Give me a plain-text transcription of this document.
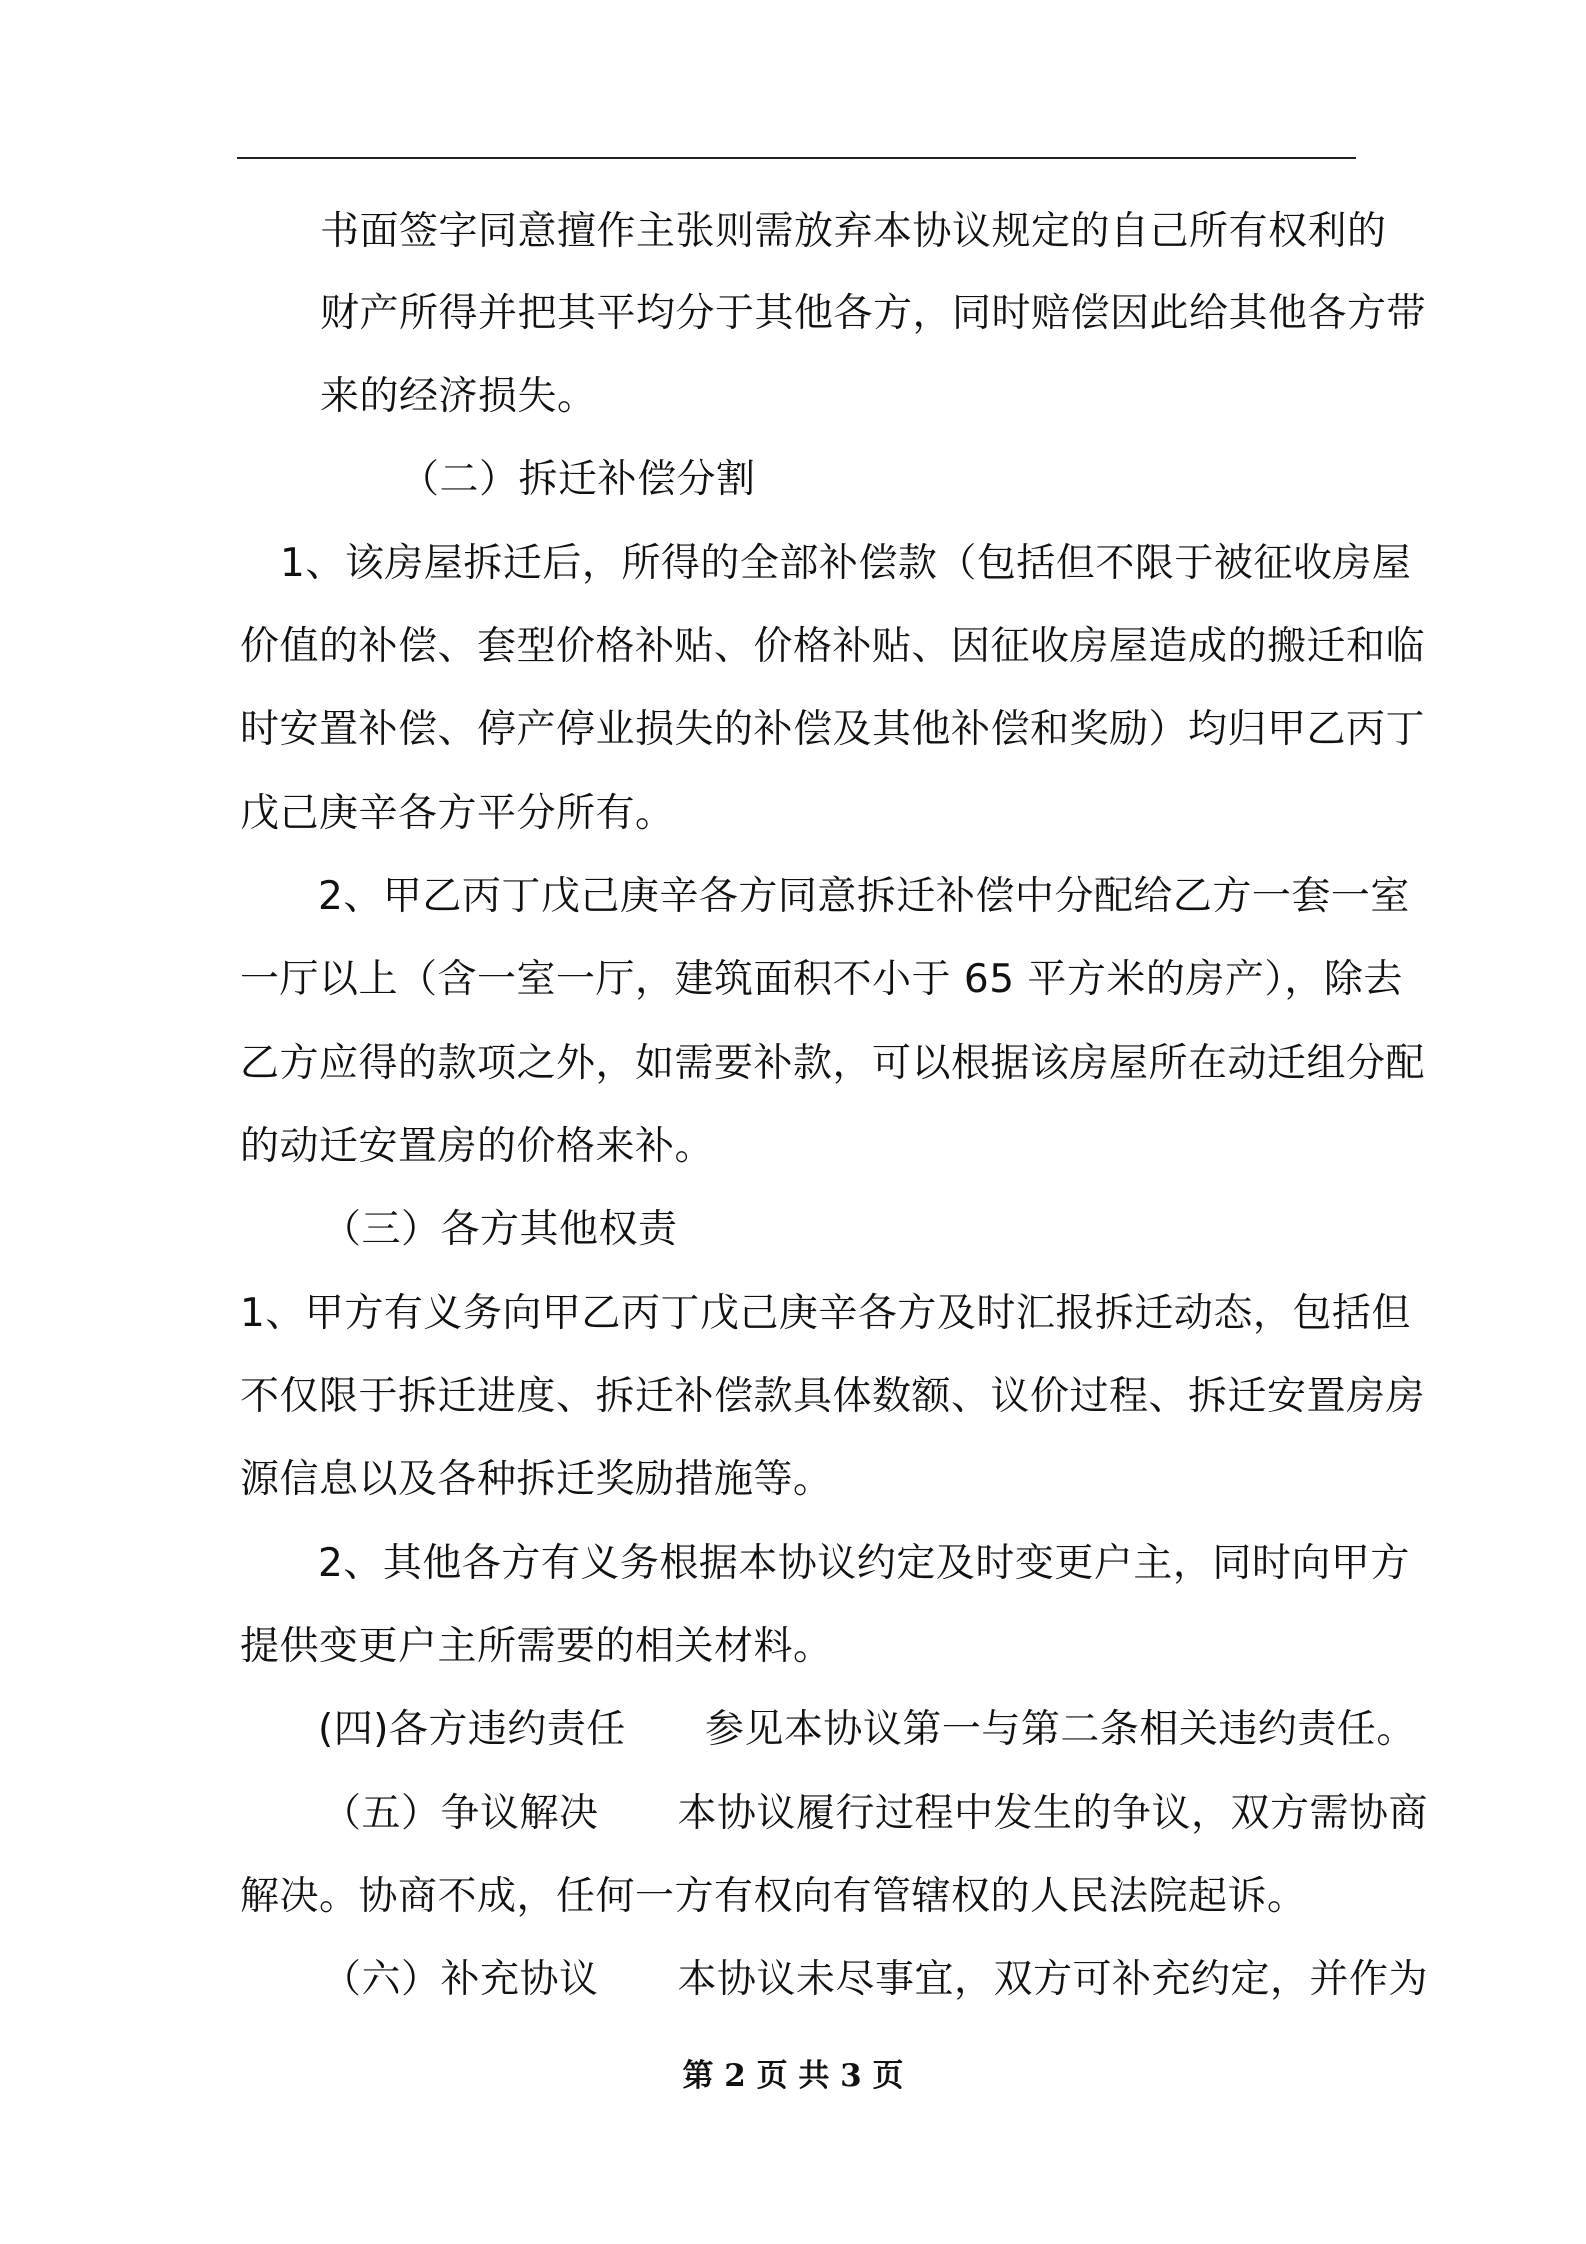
书面签字同意擅作主张则需放弃本协议规定的自己所有权利的
财产所得并把其平均分于其他各方，同时赔偿因此给其他各方带
来的经济损失。
（二）拆迁补偿分割
1、该房屋拆迁后，所得的全部补偿款（包括但不限于被征收房屋
价值的补偿、套型价格补贴、价格补贴、因征收房屋造成的搬迁和临
时安置补偿、停产停业损失的补偿及其他补偿和奖励）均归甲乙丙丁
戊己庚辛各方平分所有。
2、甲乙丙丁戊己庚辛各方同意拆迁补偿中分配给乙方一套一室
一厅以上（含一室一厅，建筑面积不小于 65 平方米的房产），除去
乙方应得的款项之外，如需要补款，可以根据该房屋所在动迁组分配
的动迁安置房的价格来补。
（三）各方其他权责
1、甲方有义务向甲乙丙丁戊己庚辛各方及时汇报拆迁动态，包括但
不仅限于拆迁进度、拆迁补偿款具体数额、议价过程、拆迁安置房房
源信息以及各种拆迁奖励措施等。
2、其他各方有义务根据本协议约定及时变更户主，同时向甲方
提供变更户主所需要的相关材料。
(四)各方违约责任　　参见本协议第一与第二条相关违约责任。
（五）争议解决　　本协议履行过程中发生的争议，双方需协商
解决。协商不成，任何一方有权向有管辖权的人民法院起诉。
（六）补充协议　　本协议未尽事宜，双方可补充约定，并作为
第 2 页 共 3 页
